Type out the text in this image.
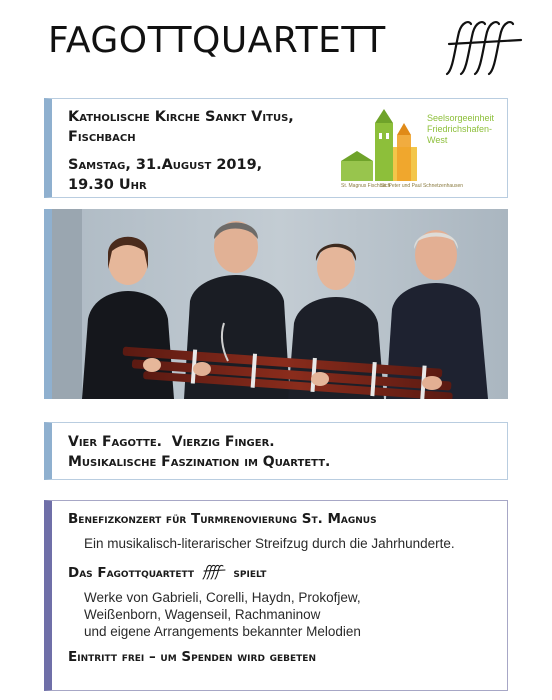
FAGOTTQUARTETT
Katholische Kirche Sankt Vitus,
Fischbach
Samstag, 31.August 2019,
19.30 Uhr
Seelsorgeeinheit
Friedrichshafen-West
St. Magnus Fischbach
St. Peter und Paul Schnetzenhausen
Vier Fagotte.  Vierzig Finger.
Musikalische Faszination im Quartett.
Benefizkonzert für Turmrenovierung St. Magnus
Ein musikalisch-literarischer Streifzug durch die Jahrhunderte.
Das Fagottquartett	spielt
Werke von Gabrieli, Corelli, Haydn, Prokofjew,
Weißenborn, Wagenseil, Rachmaninow
und eigene Arrangements bekannter Melodien
Eintritt frei – um Spenden wird gebeten
